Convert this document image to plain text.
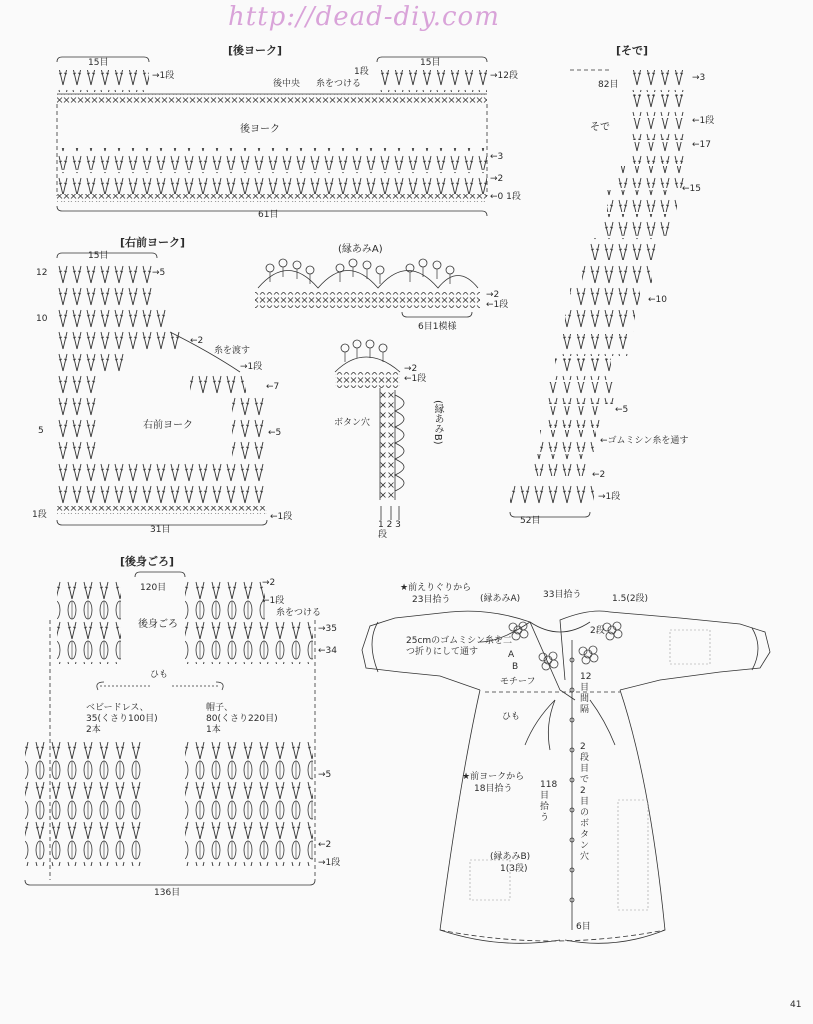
http://dead-diy.com
[後ヨーク]
15目	15目
→1段	→12段
1段
後中央 糸をつける
後ヨーク
←3
→2
←0 1段
61目
[そで]
82目
→3
←1段
←17
そで
←15
←10
←5
←ゴムミシン糸を通す
←2
→1段
52目
[右前ヨーク]
15目
12	→5
10
←2
糸を渡す
→1段
←7
右前ヨーク
5	←5
1段	←1段
31目
(縁あみA)
→2
←1段
6目1模様
→2
←1段
(縁あみB)
ボタン穴
1 2 3
段
[後身ごろ]
120目	→2
←1段
糸をつける
後身ごろ	→35
←34
ひも
ベビードレス、
35(くさり100目)
2本
帽子、
80(くさり220目)
1本
→5
←2
→1段
136目
★前えりぐりから
23目拾う	(縁あみA)	33目拾う	1.5(2段)
2段
25cmのゴムミシン糸を二つ折りにして通す	A
B
モチーフ	12目間隔
ひも
★前ヨークから
18目拾う	118目拾う
2段目で2目のボタン穴
(縁あみB)
1(3段)
6目
41
